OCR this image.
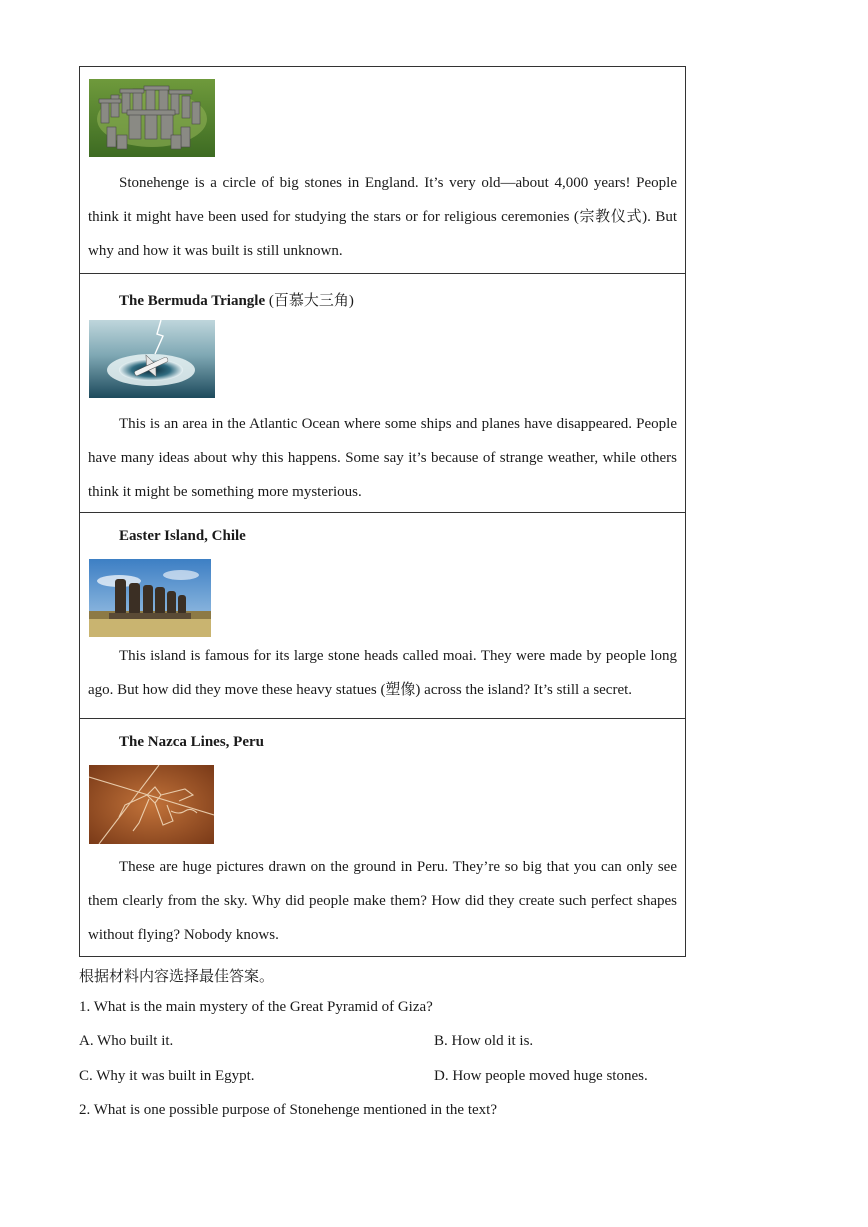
Stonehenge is a circle of big stones in England. It’s very old—about 4,000 years! People think it might have been used for studying the stars or for religious ceremonies (宗教仪式). But why and how it was built is still unknown.
The Bermuda Triangle (百慕大三角)
This is an area in the Atlantic Ocean where some ships and planes have disappeared. People have many ideas about why this happens. Some say it’s because of strange weather, while others think it might be something more mysterious.
Easter Island, Chile
This island is famous for its large stone heads called moai. They were made by people long ago. But how did they move these heavy statues (塑像) across the island? It’s still a secret.
The Nazca Lines, Peru
These are huge pictures drawn on the ground in Peru. They’re so big that you can only see them clearly from the sky. Why did people make them? How did they create such perfect shapes without flying? Nobody knows.
根据材料内容选择最佳答案。
1. What is the main mystery of the Great Pyramid of Giza?
A. Who built it.	B. How old it is.
C. Why it was built in Egypt.	D. How people moved huge stones.
2. What is one possible purpose of Stonehenge mentioned in the text?
